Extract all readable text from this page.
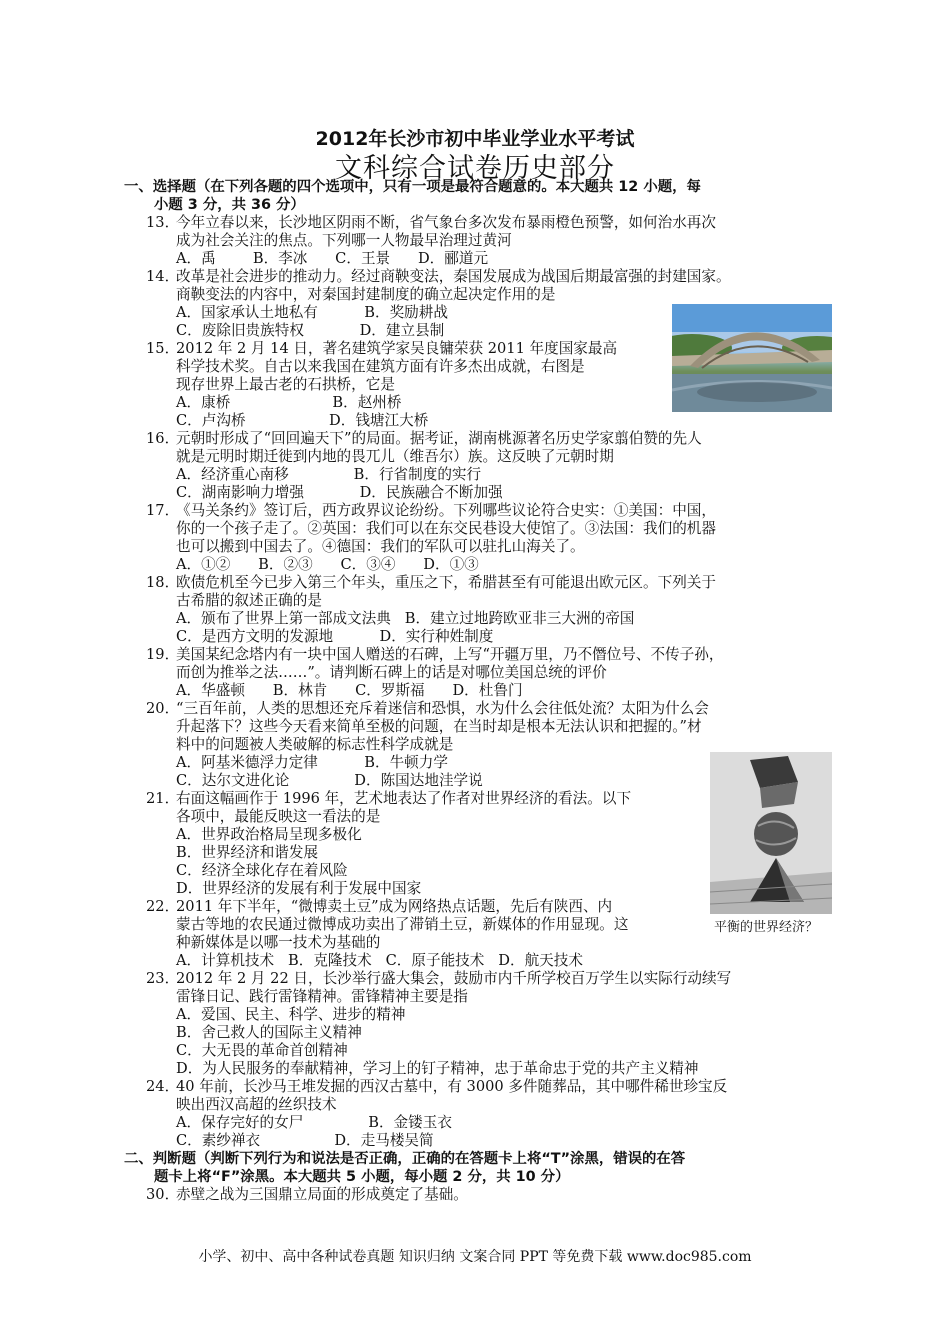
2012年长沙市初中毕业学业水平考试
文科综合试卷历史部分
一、选择题（在下列各题的四个选项中，只有一项是最符合题意的。本大题共 12 小题，每
小题 3 分，共 36 分）
13．
今年立春以来，长沙地区阴雨不断，省气象台多次发布暴雨橙色预警，如何治水再次
成为社会关注的焦点。下列哪一人物最早治理过黄河
A．禹        B．李冰      C．王景      D．郦道元
14．
改革是社会进步的推动力。经过商鞅变法，秦国发展成为战国后期最富强的封建国家。
商鞅变法的内容中，对秦国封建制度的确立起决定作用的是
A．国家承认土地私有          B．奖励耕战
C．废除旧贵族特权            D．建立县制
15．
2012 年 2 月 14 日，著名建筑学家吴良镛荣获 2011 年度国家最高
科学技术奖。自古以来我国在建筑方面有许多杰出成就，右图是
现存世界上最古老的石拱桥，它是
A．康桥                      B．赵州桥
C．卢沟桥                  D．钱塘江大桥
16．
元朝时形成了“回回遍天下”的局面。据考证，湖南桃源著名历史学家翦伯赞的先人
就是元明时期迁徙到内地的畏兀儿（维吾尔）族。这反映了元朝时期
A．经济重心南移              B．行省制度的实行
C．湖南影响力增强            D．民族融合不断加强
17．
《马关条约》签订后，西方政界议论纷纷。下列哪些议论符合史实：①美国：中国，
你的一个孩子走了。②英国：我们可以在东交民巷设大使馆了。③法国：我们的机器
也可以搬到中国去了。④德国：我们的军队可以驻扎山海关了。
A．①②      B．②③      C．③④      D．①③
18．
欧债危机至今已步入第三个年头，重压之下，希腊甚至有可能退出欧元区。下列关于
古希腊的叙述正确的是
A．颁布了世界上第一部成文法典   B．建立过地跨欧亚非三大洲的帝国
C．是西方文明的发源地          D．实行种姓制度
19．
美国某纪念塔内有一块中国人赠送的石碑，上写“开疆万里，乃不僭位号、不传子孙，
而创为推举之法……”。请判断石碑上的话是对哪位美国总统的评价
A．华盛顿      B．林肯      C．罗斯福      D．杜鲁门
20．
“三百年前，人类的思想还充斥着迷信和恐惧，水为什么会往低处流？太阳为什么会
升起落下？这些今天看来简单至极的问题，在当时却是根本无法认识和把握的。”材
料中的问题被人类破解的标志性科学成就是
A．阿基米德浮力定律          B．牛顿力学
C．达尔文进化论              D．陈国达地洼学说
21．
右面这幅画作于 1996 年，艺术地表达了作者对世界经济的看法。以下
各项中，最能反映这一看法的是
A．世界政治格局呈现多极化
B．世界经济和谐发展
C．经济全球化存在着风险
D．世界经济的发展有利于发展中国家
22．
2011 年下半年，“微博卖土豆”成为网络热点话题，先后有陕西、内
蒙古等地的农民通过微博成功卖出了滞销土豆，新媒体的作用显现。这
种新媒体是以哪一技术为基础的
A．计算机技术   B．克隆技术   C．原子能技术   D．航天技术
23．
2012 年 2 月 22 日，长沙举行盛大集会，鼓励市内千所学校百万学生以实际行动续写
雷锋日记、践行雷锋精神。雷锋精神主要是指
A．爱国、民主、科学、进步的精神
B．舍己救人的国际主义精神
C．大无畏的革命首创精神
D．为人民服务的奉献精神，学习上的钉子精神，忠于革命忠于党的共产主义精神
24．
40 年前，长沙马王堆发掘的西汉古墓中，有 3000 多件随葬品，其中哪件稀世珍宝反
映出西汉高超的丝织技术
A．保存完好的女尸              B．金镂玉衣
C．素纱禅衣                D．走马楼吴简
二、判断题（判断下列行为和说法是否正确，正确的在答题卡上将“T”涂黑，错误的在答
题卡上将“F”涂黑。本大题共 5 小题，每小题 2 分，共 10 分）
30．
赤壁之战为三国鼎立局面的形成奠定了基础。
平衡的世界经济？
小学、初中、高中各种试卷真题 知识归纳 文案合同 PPT 等免费下载 www.doc985.com
